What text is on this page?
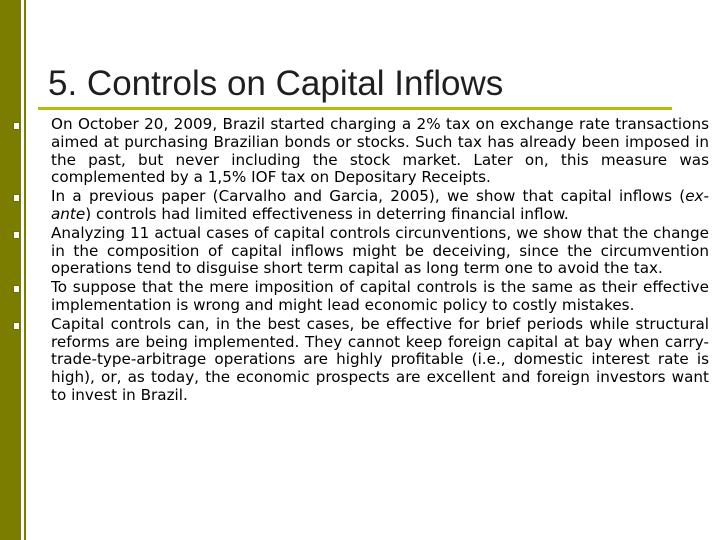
5. Controls on Capital Inflows
On October 20, 2009, Brazil started charging a 2% tax on exchange rate transactions aimed at purchasing Brazilian bonds or stocks. Such tax has already been imposed in the past, but never including the stock market. Later on, this measure was complemented by a 1,5% IOF tax on Depositary Receipts.
In a previous paper (Carvalho and Garcia, 2005), we show that capital inflows (ex-ante) controls had limited effectiveness in deterring financial inflow.
Analyzing 11 actual cases of capital controls circunventions, we show that the change in the composition of capital inflows might be deceiving, since the circumvention operations tend to disguise short term capital as long term one to avoid the tax.
To suppose that the mere imposition of capital controls is the same as their effective implementation is wrong and might lead economic policy to costly mistakes.
Capital controls can, in the best cases, be effective for brief periods while structural reforms are being implemented. They cannot keep foreign capital at bay when carry-trade-type-arbitrage operations are highly profitable (i.e., domestic interest rate is high), or, as today, the economic prospects are excellent and foreign investors want to invest in Brazil.
